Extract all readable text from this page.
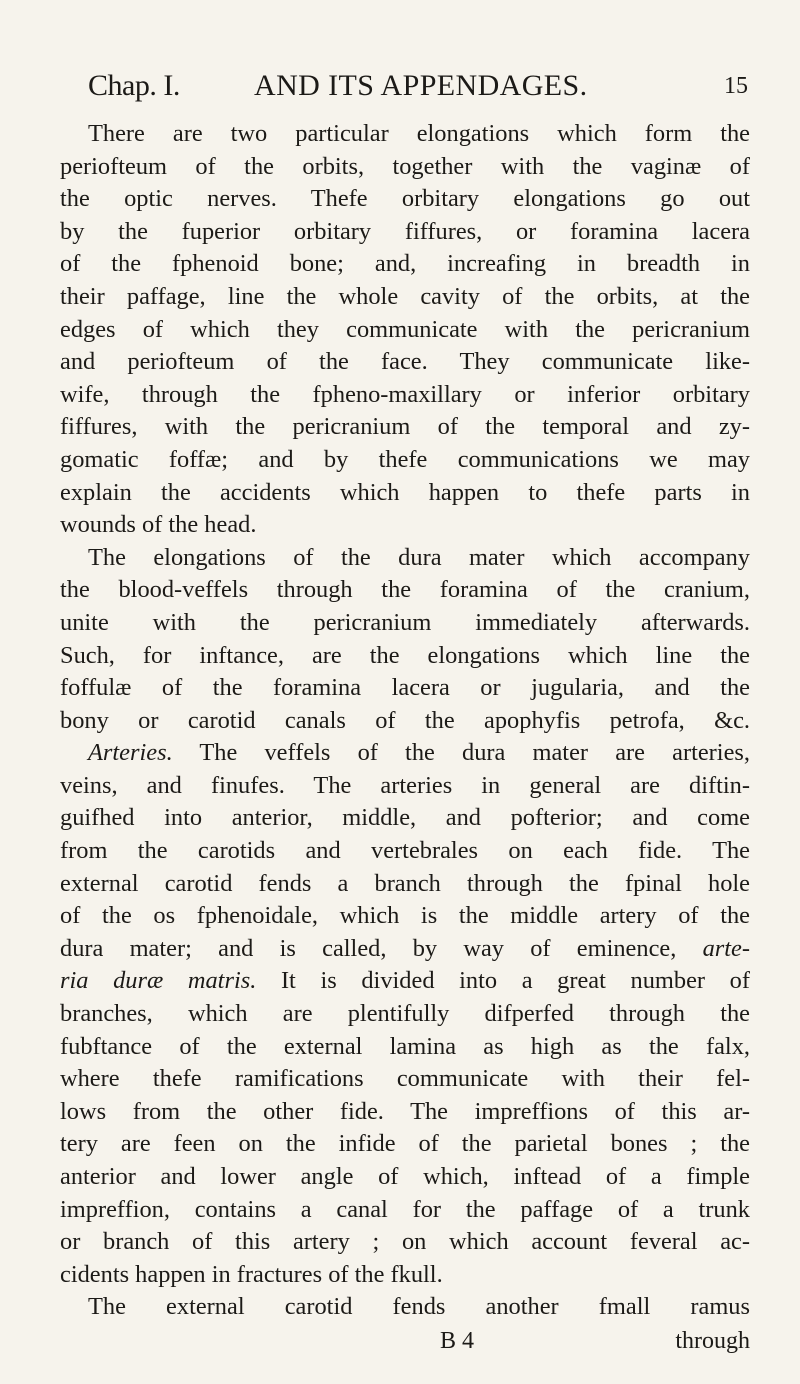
Chap. I. AND ITS APPENDAGES.	15
There are two particular elongations which form the
periofteum of the orbits, together with the vaginæ of
the optic nerves. Thefe orbitary elongations go out
by the fuperior orbitary fiffures, or foramina lacera
of the fphenoid bone; and, increafing in breadth in
their paffage, line the whole cavity of the orbits, at the
edges of which they communicate with the pericranium
and periofteum of the face. They communicate like-
wife, through the fpheno-maxillary or inferior orbitary
fiffures, with the pericranium of the temporal and zy-
gomatic foffæ; and by thefe communications we may
explain the accidents which happen to thefe parts in
wounds of the head.
The elongations of the dura mater which accompany
the blood-veffels through the foramina of the cranium,
unite with the pericranium immediately afterwards.
Such, for inftance, are the elongations which line the
foffulæ of the foramina lacera or jugularia, and the
bony or carotid canals of the apophyfis petrofa, &c.
Arteries. The veffels of the dura mater are arteries,
veins, and finufes. The arteries in general are diftin-
guifhed into anterior, middle, and pofterior; and come
from the carotids and vertebrales on each fide. The
external carotid fends a branch through the fpinal hole
of the os fphenoidale, which is the middle artery of the
dura mater; and is called, by way of eminence, arte-
ria duræ matris. It is divided into a great number of
branches, which are plentifully difperfed through the
fubftance of the external lamina as high as the falx,
where thefe ramifications communicate with their fel-
lows from the other fide. The impreffions of this ar-
tery are feen on the infide of the parietal bones ; the
anterior and lower angle of which, inftead of a fimple
impreffion, contains a canal for the paffage of a trunk
or branch of this artery ; on which account feveral ac-
cidents happen in fractures of the fkull.
The external carotid fends another fmall ramus
B 4	through
